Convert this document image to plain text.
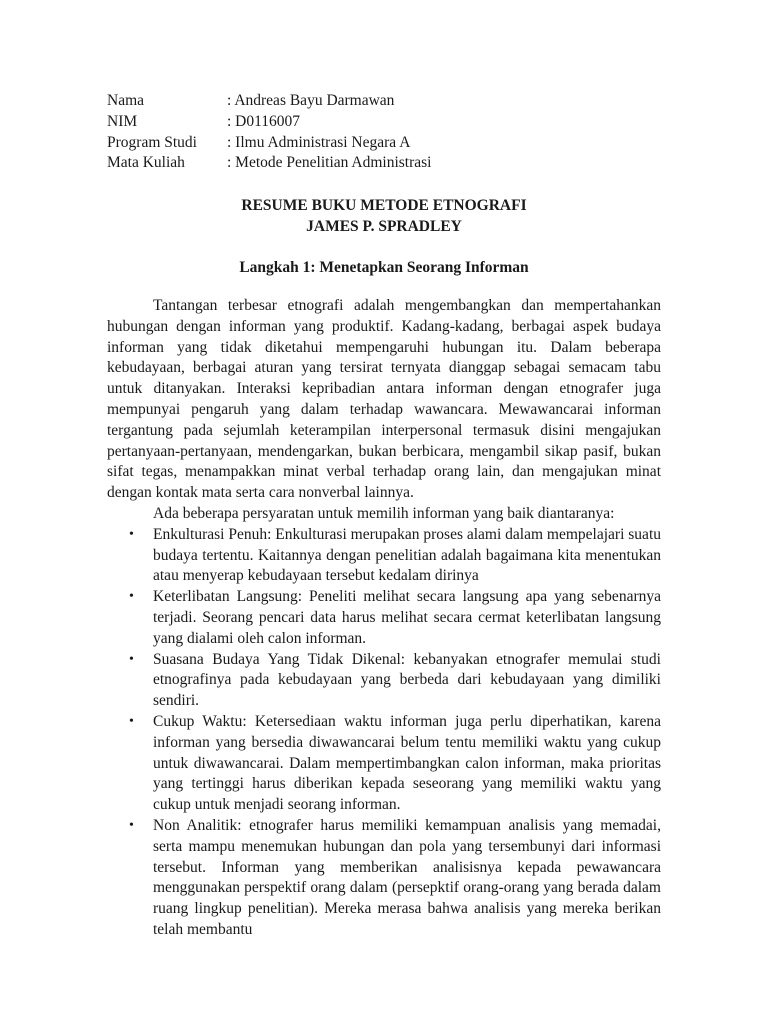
Nama	: Andreas Bayu Darmawan
NIM	: D0116007
Program Studi	: Ilmu Administrasi Negara A
Mata Kuliah	: Metode Penelitian Administrasi
RESUME BUKU METODE ETNOGRAFI
JAMES P. SPRADLEY
Langkah 1: Menetapkan Seorang Informan

Tantangan terbesar etnografi adalah mengembangkan dan mempertahankan hubungan dengan informan yang produktif. Kadang-kadang, berbagai aspek budaya informan yang tidak diketahui mempengaruhi hubungan itu. Dalam beberapa kebudayaan, berbagai aturan yang tersirat ternyata dianggap sebagai semacam tabu untuk ditanyakan. Interaksi kepribadian antara informan dengan etnografer juga mempunyai pengaruh yang dalam terhadap wawancara. Mewawancarai informan tergantung pada sejumlah keterampilan interpersonal termasuk disini mengajukan pertanyaan-pertanyaan, mendengarkan, bukan berbicara, mengambil sikap pasif, bukan sifat tegas, menampakkan minat verbal terhadap orang lain, dan mengajukan minat dengan kontak mata serta cara nonverbal lainnya.

Ada beberapa persyaratan untuk memilih informan yang baik diantaranya:

• Enkulturasi Penuh: Enkulturasi merupakan proses alami dalam mempelajari suatu budaya tertentu. Kaitannya dengan penelitian adalah bagaimana kita menentukan atau menyerap kebudayaan tersebut kedalam dirinya
• Keterlibatan Langsung: Peneliti melihat secara langsung apa yang sebenarnya terjadi. Seorang pencari data harus melihat secara cermat keterlibatan langsung yang dialami oleh calon informan.
• Suasana Budaya Yang Tidak Dikenal: kebanyakan etnografer memulai studi etnografinya pada kebudayaan yang berbeda dari kebudayaan yang dimiliki sendiri.
• Cukup Waktu: Ketersediaan waktu informan juga perlu diperhatikan, karena informan yang bersedia diwawancarai belum tentu memiliki waktu yang cukup untuk diwawancarai. Dalam mempertimbangkan calon informan, maka prioritas yang tertinggi harus diberikan kepada seseorang yang memiliki waktu yang cukup untuk menjadi seorang informan.
• Non Analitik: etnografer harus memiliki kemampuan analisis yang memadai, serta mampu menemukan hubungan dan pola yang tersembunyi dari informasi tersebut. Informan yang memberikan analisisnya kepada pewawancara menggunakan perspektif orang dalam (persepktif orang-orang yang berada dalam ruang lingkup penelitian). Mereka merasa bahwa analisis yang mereka berikan telah membantu
